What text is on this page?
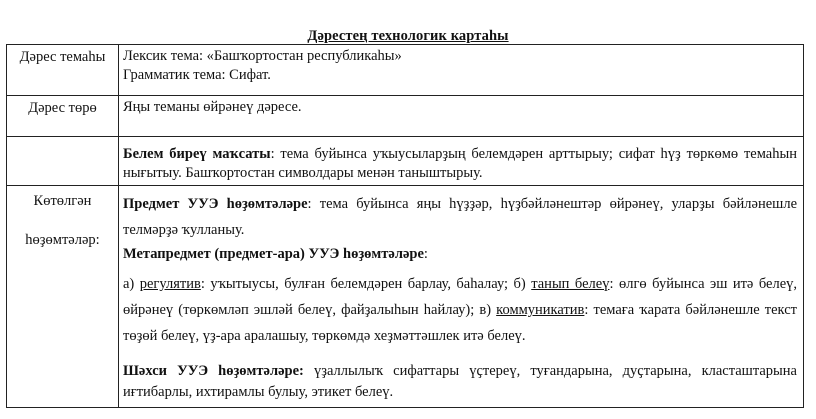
Дәрестең технологик картаһы
Дәрес темаһы	Лексик тема: «Башҡортостан республикаһы»
Грамматик тема: Сифат.

Дәрес төрө	Яңы теманы өйрәнеү дәресе.

	Белем биреү маҡсаты: тема буйынса уҡыусыларҙың белемдәрен арттырыу; сифат һүҙ төркөмө темаһын нығытыу. Башҡортостан символдары менән таныштырыу.

Көтөлгән
һөҙөмтәләр:	Предмет УУЭ һөҙөмтәләре: тема буйынса яңы һүҙҙәр, һүҙбәйләнештәр өйрәнеү, уларҙы бәйләнешле телмәрҙә ҡулланыу.
Метапредмет (предмет-ара) УУЭ һөҙөмтәләре:
а) регулятив: уҡытыусы, булған белемдәрен барлау, баһалау; б) танып белеү: өлгө буйынса эш итә белеү, өйрәнеү (төркөмләп эшләй белеү, файҙалыһын һайлау); в) коммуникатив: темаға ҡарата бәйләнешле текст төҙөй белеү, үҙ-ара аралашыу, төркөмдә хеҙмәттәшлек итә белеү.
Шәхси УУЭ һөҙөмтәләре: үҙаллылыҡ сифаттары үҫтереү, туғандарына, дуҫтарына, класташтарына иғтибарлы, ихтирамлы булыу, этикет белеү.
